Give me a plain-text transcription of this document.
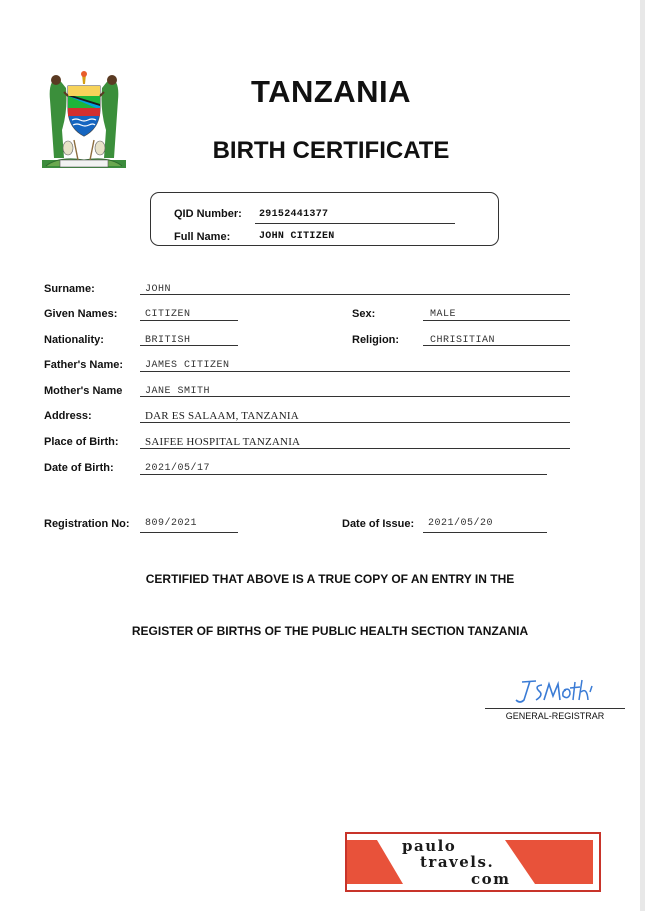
TANZANIA
BIRTH CERTIFICATE
QID Number: 29152441377
Full Name:	JOHN CITIZEN
Surname:	JOHN
Given Names:	CITIZEN	Sex:	MALE
Nationality:	BRITISH	Religion:	CHRISITIAN
Father's Name: JAMES CITIZEN
Mother's Name JANE SMITH
Address:	DAR ES SALAAM, TANZANIA
Place of Birth: SAIFEE HOSPITAL TANZANIA
Date of Birth:	2021/05/17
Registration No: 809/2021	Date of Issue: 2021/05/20
CERTIFIED THAT ABOVE IS A TRUE COPY OF AN ENTRY IN THE
REGISTER OF BIRTHS OF THE PUBLIC HEALTH SECTION TANZANIA
GENERAL-REGISTRAR
paulo
travels.
com
